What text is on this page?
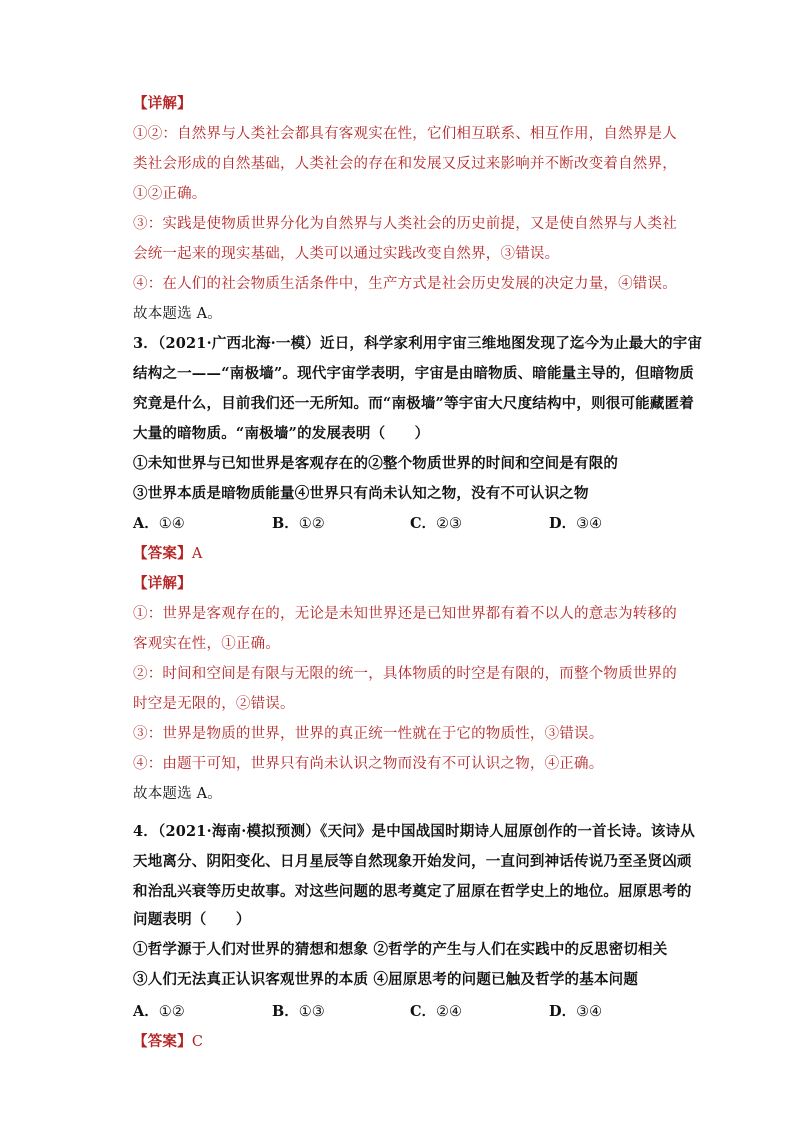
【详解】
①②：自然界与人类社会都具有客观实在性，它们相互联系、相互作用，自然界是人
类社会形成的自然基础，人类社会的存在和发展又反过来影响并不断改变着自然界，
①②正确。
③：实践是使物质世界分化为自然界与人类社会的历史前提，又是使自然界与人类社
会统一起来的现实基础，人类可以通过实践改变自然界，③错误。
④：在人们的社会物质生活条件中，生产方式是社会历史发展的决定力量，④错误。
故本题选 A。
3．（2021·广西北海·一模）近日，科学家利用宇宙三维地图发现了迄今为止最大的宇宙
结构之一——“南极墙”。现代宇宙学表明，宇宙是由暗物质、暗能量主导的，但暗物质
究竟是什么，目前我们还一无所知。而“南极墙”等宇宙大尺度结构中，则很可能藏匿着
大量的暗物质。“南极墙”的发展表明（　　）
①未知世界与已知世界是客观存在的②整个物质世界的时间和空间是有限的
③世界本质是暗物质能量④世界只有尚未认知之物，没有不可认识之物
A．①④	B．①②	C．②③	D．③④
【答案】A
【详解】
①：世界是客观存在的，无论是未知世界还是已知世界都有着不以人的意志为转移的
客观实在性，①正确。
②：时间和空间是有限与无限的统一，具体物质的时空是有限的，而整个物质世界的
时空是无限的，②错误。
③：世界是物质的世界，世界的真正统一性就在于它的物质性，③错误。
④：由题干可知，世界只有尚未认识之物而没有不可认识之物，④正确。
故本题选 A。
4．（2021·海南·模拟预测）《天问》是中国战国时期诗人屈原创作的一首长诗。该诗从
天地离分、阴阳变化、日月星辰等自然现象开始发问，一直问到神话传说乃至圣贤凶顽
和治乱兴衰等历史故事。对这些问题的思考奠定了屈原在哲学史上的地位。屈原思考的
问题表明（　　）
①哲学源于人们对世界的猜想和想象 ②哲学的产生与人们在实践中的反思密切相关
③人们无法真正认识客观世界的本质 ④屈原思考的问题已触及哲学的基本问题
A．①②	B．①③	C．②④	D．③④
【答案】C
